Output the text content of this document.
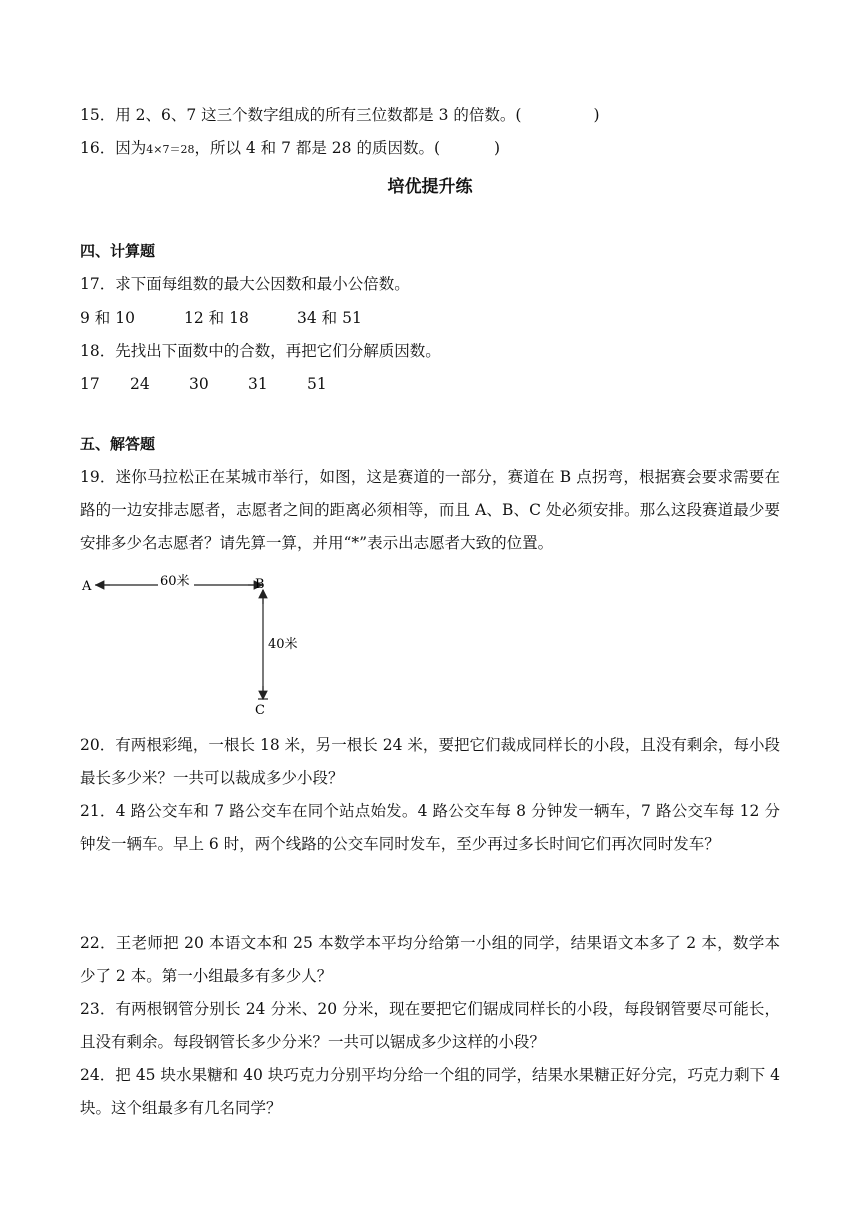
15．用 2、6、7 这三个数字组成的所有三位数都是 3 的倍数。(	)
16．因为4×7＝28，所以 4 和 7 都是 28 的质因数。(	)
培优提升练
四、计算题
17．求下面每组数的最大公因数和最小公倍数。
9 和 10	12 和 18	34 和 51
18．先找出下面数中的合数，再把它们分解质因数。
17 24	30	31	51
五、解答题
19．迷你马拉松正在某城市举行，如图，这是赛道的一部分，赛道在 B 点拐弯，根据赛会要求需要在路的一边安排志愿者，志愿者之间的距离必须相等，而且 A、B、C 处必须安排。那么这段赛道最少要安排多少名志愿者？请先算一算，并用“*”表示出志愿者大致的位置。
A	60米	B
40米
C
20．有两根彩绳，一根长 18 米，另一根长 24 米，要把它们裁成同样长的小段，且没有剩余，每小段最长多少米？一共可以裁成多少小段？
21．4 路公交车和 7 路公交车在同个站点始发。4 路公交车每 8 分钟发一辆车，7 路公交车每 12 分钟发一辆车。早上 6 时，两个线路的公交车同时发车，至少再过多长时间它们再次同时发车？
22．王老师把 20 本语文本和 25 本数学本平均分给第一小组的同学，结果语文本多了 2 本，数学本少了 2 本。第一小组最多有多少人？
23．有两根钢管分别长 24 分米、20 分米，现在要把它们锯成同样长的小段，每段钢管要尽可能长，且没有剩余。每段钢管长多少分米？一共可以锯成多少这样的小段？
24．把 45 块水果糖和 40 块巧克力分别平均分给一个组的同学，结果水果糖正好分完，巧克力剩下 4 块。这个组最多有几名同学？
